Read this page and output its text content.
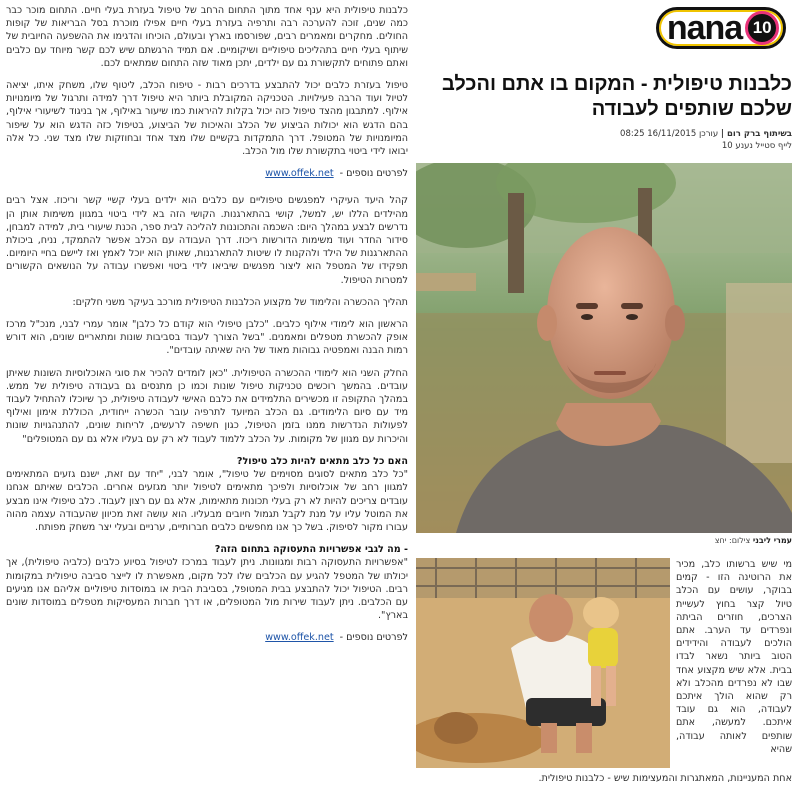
כלבנות טיפולית היא ענף אחד מתוך התחום הרחב של טיפול בעזרת בעלי חיים. התחום מוכר כבר כמה שנים, זוכה להערכה רבה ותרפיה בעזרת בעלי חיים אפילו מוכרת בסל הבריאות של קופות החולים. מחקרים ומאמרים רבים, שפורסמו בארץ ובעולם, הוכיחו והדגימו את ההשפעה החיובית של שיתוף בעלי חיים בתהליכים טיפוליים ושיקומיים. אם תמיד הרגשתם שיש לכם קשר מיוחד עם כלבים ואתם פתוחים לתקשורת גם עם ילדים, יתכן מאוד שזה התחום שמתאים לכם.

טיפול בעזרת כלבים יכול להתבצע בדרכים רבות - טיפוח הכלב, ליטוף שלו, משחק איתו, יציאה לטיול ועוד הרבה פעילויות. הטכניקה המקובלת ביותר היא טיפול דרך למידה ותרגול של מיומנויות אילוף. למתבגון מהצד טיפול כזה יכול בקלות להיראות כמו שיעור באילוף, אך בניגוד לשיעורי אילוף, בהם הדגש הוא יכולות הביצוע של הכלב והאיכות של הביצוע, בטיפול כזה הדגש הוא על שיפור המיומנויות של המטופל. דרך התמקדות בקשיים שלו מצד אחד ובחוזקות שלו מצד שני. כל אלה יבואו לידי ביטוי בתקשורת שלו מול הכלב.

לפרטים נוספים -
www.offek.net

קהל היעד העיקרי למפגשים טיפוליים עם כלבים הוא ילדים בעלי קשיי קשר וריכוז. אצל רבים מהילדים הללו יש, למשל, קושי בהתארגנות. הקושי הזה בא לידי ביטוי במגוון משימות אותן הן נדרשים לבצע במהלך היום: השכמה והתכוננות להליכה לבית ספר, הכנת שיעורי בית, למידה למבחן, סידור החדר ועוד משימות הדורשות ריכוז. דרך העבודה עם הכלב אפשר להתמקד, נניח, ביכולת ההתארגנות של הילד ולהקנות לו שיטות להתארגנות, שאותן הוא יוכל לאמץ ואז ליישם בחיי היומיום. תפקידו של המטפל הוא ליצור מפגשים שיביאו לידי ביטוי ואפשרו עבודה על הנושאים הקשורים למטרות הטיפול.

תהליך ההכשרה והלימוד של מקצוע הכלבנות הטיפולית מורכב בעיקר משני חלקים:

הראשון הוא לימודי אילוף כלבים. "כלבן טיפולי הוא קודם כל כלבן" אומר עמרי לבני, מנכ"ל מרכז אופק להכשרת מטפלים ומאמנים. "בשל הצורך לעבוד בסביבות שונות ומתאריים שונים, הוא דורש רמות הבנה ואמפטיה גבוהות מאוד של היה שאיתה עובדים".

החלק השני הוא לימודי ההכשרה הטיפולית. "כאן לומדים להכיר את סוגי האוכלוסיות השונות שאיתן עובדים. בהמשך רוכשים טכניקות טיפול שונות וכמו כן מתנסים גם בעבודה טיפולית של ממש. במהלך התקופה זו מכשירים התלמידים את כלבם האישי לעבודה טיפולית, כך שיוכלו להתחיל לעבוד מיד עם סיום הלימודים. גם הכלב המיועד לתרפיה עובר הכשרה ייחודית, הכוללת אימון ואילוף לפעולות הנדרשות ממנו בזמן הטיפול, כגון חשיפה לרעשים, לריחות שונים, להתנהגויות שונות והיכרות עם מגוון של מקומות. על הכלב ללמוד לעבוד לא רק עם בעליו אלא גם עם המטופלים"

האם כל כלב מתאים להיות כלב טיפול?

"כל כלב מתאים לסוגים מסוימים של טיפול", אומר לבני, "יחד עם זאת, ישנם גזעים המתאימים למגוון רחב של אוכלוסיות ולפיכך מתאימים לטיפול יותר מגזעים אחרים. הכלבים שאיתם אנחנו עובדים צריכים להיות לא רק בעלי תכונות מתאימות, אלא גם עם רצון לעבוד. כלב טיפולי אינו מבצע את המוטל עליו על מנת לקבל תגמול חיובים מבעליו. הוא עושה זאת מכיוון שהעבודה עצמה מהוה עבורו מקור לסיפוק. בשל כך אנו מחפשים כלבים חברותיים, ערניים ובעלי יצר משחק מפותח.

- מה לגבי אפשרויות התעסוקה בתחום הזה?

"אפשרויות התעסוקה רבות ומגוונות. ניתן לעבוד במרכז לטיפול בסיוע כלבים (כלביה טיפולית), אך יכולתו של המטפל להגיע עם הכלבים שלו לכל מקום, מאפשרת לו לייצר סביבה טיפולית במקומות רבים. הטיפול יכול להתבצע בבית המטופל, בסביבת הבית או במוסדות טיפוליים אליהם אנו מגיעים עם הכלבים. ניתן לעבוד שירות מול המטופלים, או דרך חברות המעסיקות מטפלים במוסדות שונים בארץ".

לפרטים נוספים -
www.offek.net
nana 10
כלבנות טיפולית - המקום בו אתם והכלב שלכם שותפים לעבודה
בשיתוף ברק רום | עורכן 16/11/2015 08:25
לייף סטייל נענע 10
עמרי ליבני צילום: יחצ
מי שיש ברשותו כלב, מכיר את הרוטינה הזו - קמים בבוקר, עושים עם הכלב טיול קצר בחוץ לעשיית הצרכים, חוזרים הביתה ונפרדים עד הערב. אתם הולכים לעבודה והידידים הטוב ביותר נשאר לבדו בבית. אלא שיש מקצוע אחד שבו לא נפרדים מהכלב ולא רק שהוא הולך איתכם לעבודה, הוא גם עובד איתכם. למעשה, אתם שותפים לאותה עבודה, שהיא
אחת המעניינות, המאתגרות והמעצימות שיש - כלבנות טיפולית.
